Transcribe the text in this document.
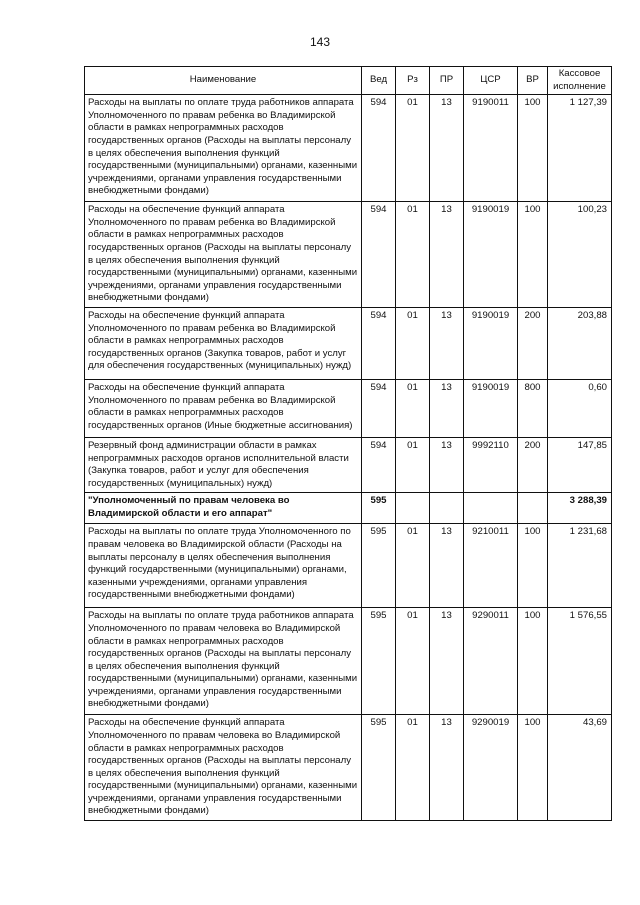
143
Наименование	Вед	Рз	ПР	ЦСР	ВР	Кассовое исполнение
Расходы на выплаты по оплате труда работников аппарата Уполномоченного по правам ребенка во Владимирской области в рамках непрограммных расходов государственных органов (Расходы на выплаты персоналу в целях обеспечения выполнения функций государственными (муниципальными) органами, казенными учреждениями, органами управления государственными внебюджетными фондами)	594	01	13	9190011	100	1 127,39
Расходы на обеспечение функций аппарата Уполномоченного по правам ребенка во Владимирской области в рамках непрограммных расходов государственных органов (Расходы на выплаты персоналу в целях обеспечения выполнения функций государственными (муниципальными) органами, казенными учреждениями, органами управления государственными внебюджетными фондами)	594	01	13	9190019	100	100,23
Расходы на обеспечение функций аппарата Уполномоченного по правам ребенка во Владимирской области в рамках непрограммных расходов государственных органов (Закупка товаров, работ и услуг для обеспечения государственных (муниципальных) нужд)	594	01	13	9190019	200	203,88
Расходы на обеспечение функций аппарата Уполномоченного по правам ребенка во Владимирской области в рамках непрограммных расходов государственных органов (Иные бюджетные ассигнования)	594	01	13	9190019	800	0,60
Резервный фонд администрации области в рамках непрограммных расходов органов исполнительной власти (Закупка товаров, работ и услуг для обеспечения государственных (муниципальных) нужд)	594	01	13	9992110	200	147,85
"Уполномоченный по правам человека во Владимирской области и его аппарат"	595					3 288,39
Расходы на выплаты по оплате труда Уполномоченного по правам человека во Владимирской области (Расходы на выплаты персоналу в целях обеспечения выполнения функций государственными (муниципальными) органами, казенными учреждениями, органами управления государственными внебюджетными фондами)	595	01	13	9210011	100	1 231,68
Расходы на выплаты по оплате труда работников аппарата Уполномоченного по правам человека во Владимирской области в рамках непрограммных расходов государственных органов (Расходы на выплаты персоналу в целях обеспечения выполнения функций государственными (муниципальными) органами, казенными учреждениями, органами управления государственными внебюджетными фондами)	595	01	13	9290011	100	1 576,55
Расходы на обеспечение функций аппарата Уполномоченного по правам человека во Владимирской области в рамках непрограммных расходов государственных органов (Расходы на выплаты персоналу в целях обеспечения выполнения функций государственными (муниципальными) органами, казенными учреждениями, органами управления государственными внебюджетными фондами)	595	01	13	9290019	100	43,69
